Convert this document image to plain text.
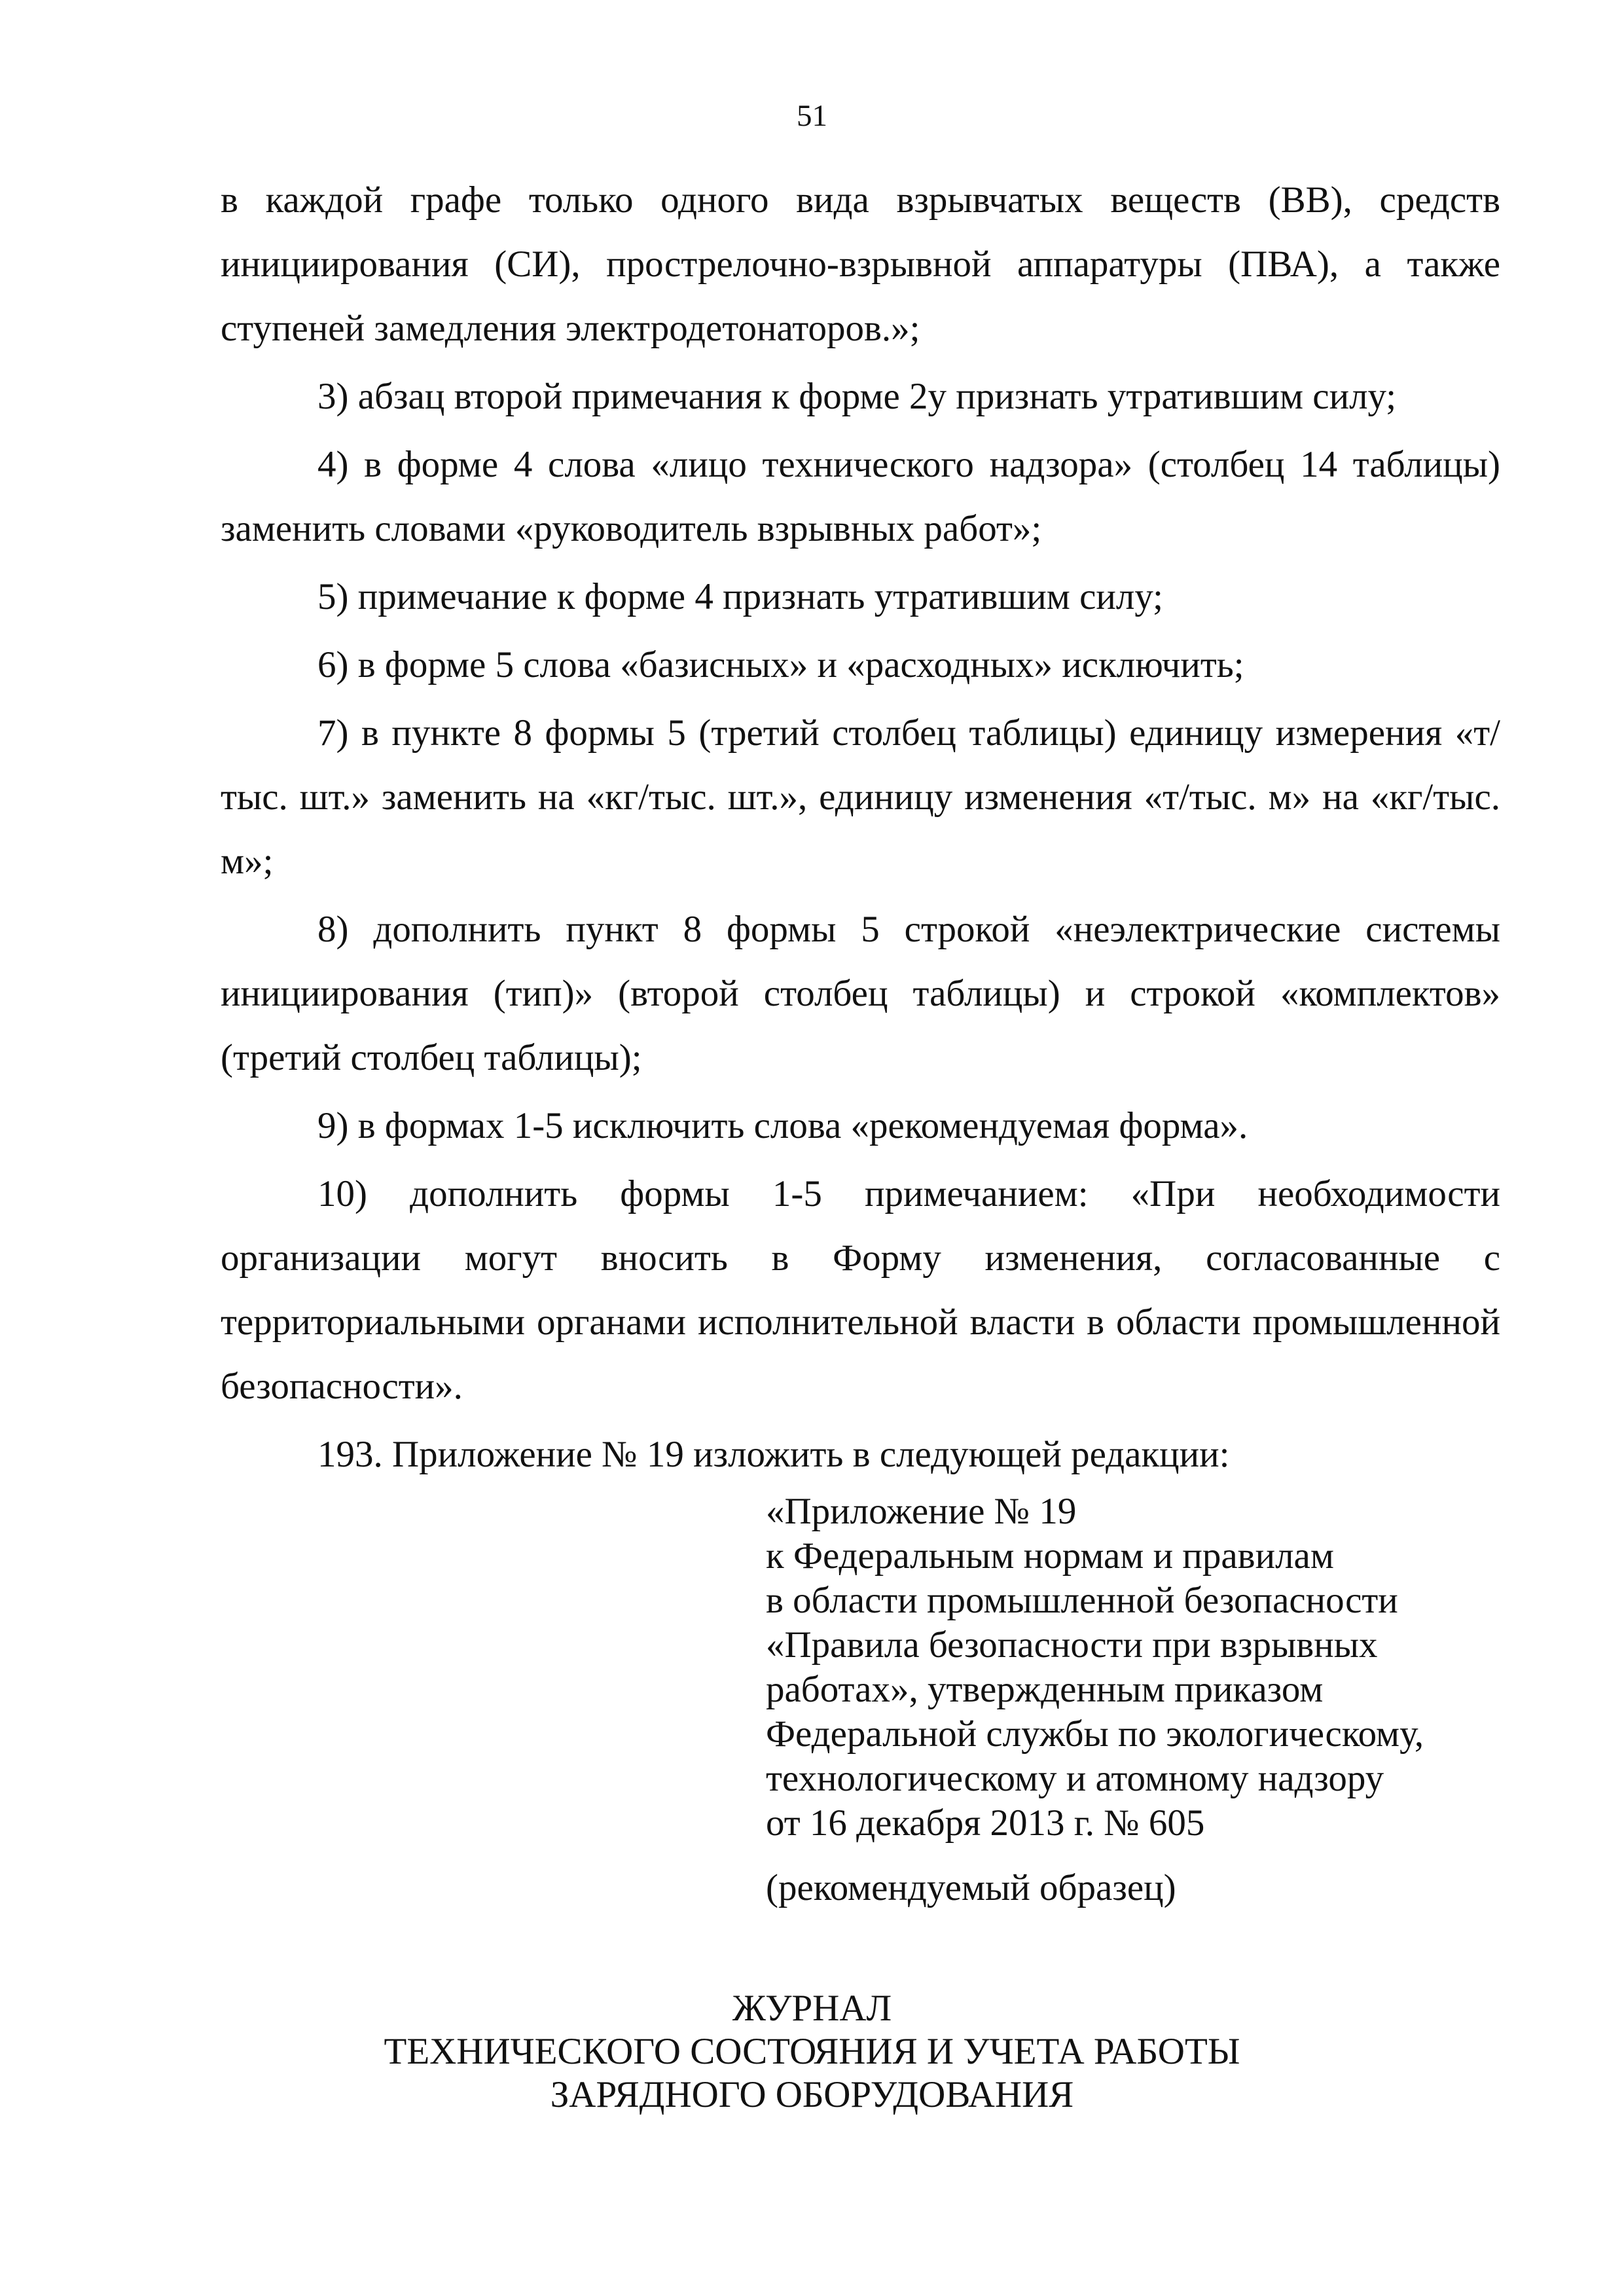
51

в каждой графе только одного вида взрывчатых веществ (ВВ), средств инициирования (СИ), прострелочно-взрывной аппаратуры (ПВА), а также ступеней замедления электродетонаторов.»;

3) абзац второй примечания к форме 2у признать утратившим силу;

4) в форме 4 слова «лицо технического надзора» (столбец 14 таблицы) заменить словами «руководитель взрывных работ»;

5) примечание к форме 4 признать утратившим силу;

6) в форме 5 слова «базисных» и «расходных» исключить;

7) в пункте 8 формы 5 (третий столбец таблицы) единицу измерения «т/тыс. шт.» заменить на «кг/тыс. шт.», единицу изменения «т/тыс. м» на «кг/тыс. м»;

8) дополнить пункт 8 формы 5 строкой «неэлектрические системы инициирования (тип)» (второй столбец таблицы) и строкой «комплектов» (третий столбец таблицы);

9) в формах 1-5 исключить слова «рекомендуемая форма».

10) дополнить формы 1-5 примечанием: «При необходимости организации могут вносить в Форму изменения, согласованные с территориальными органами исполнительной власти в области промышленной безопасности».

193. Приложение № 19 изложить в следующей редакции:

«Приложение № 19
к Федеральным нормам и правилам
в области промышленной безопасности
«Правила безопасности при взрывных
работах», утвержденным приказом
Федеральной службы по экологическому,
технологическому и атомному надзору
от 16 декабря 2013 г. № 605
(рекомендуемый образец)
ЖУРНАЛ
ТЕХНИЧЕСКОГО СОСТОЯНИЯ И УЧЕТА РАБОТЫ
ЗАРЯДНОГО ОБОРУДОВАНИЯ
